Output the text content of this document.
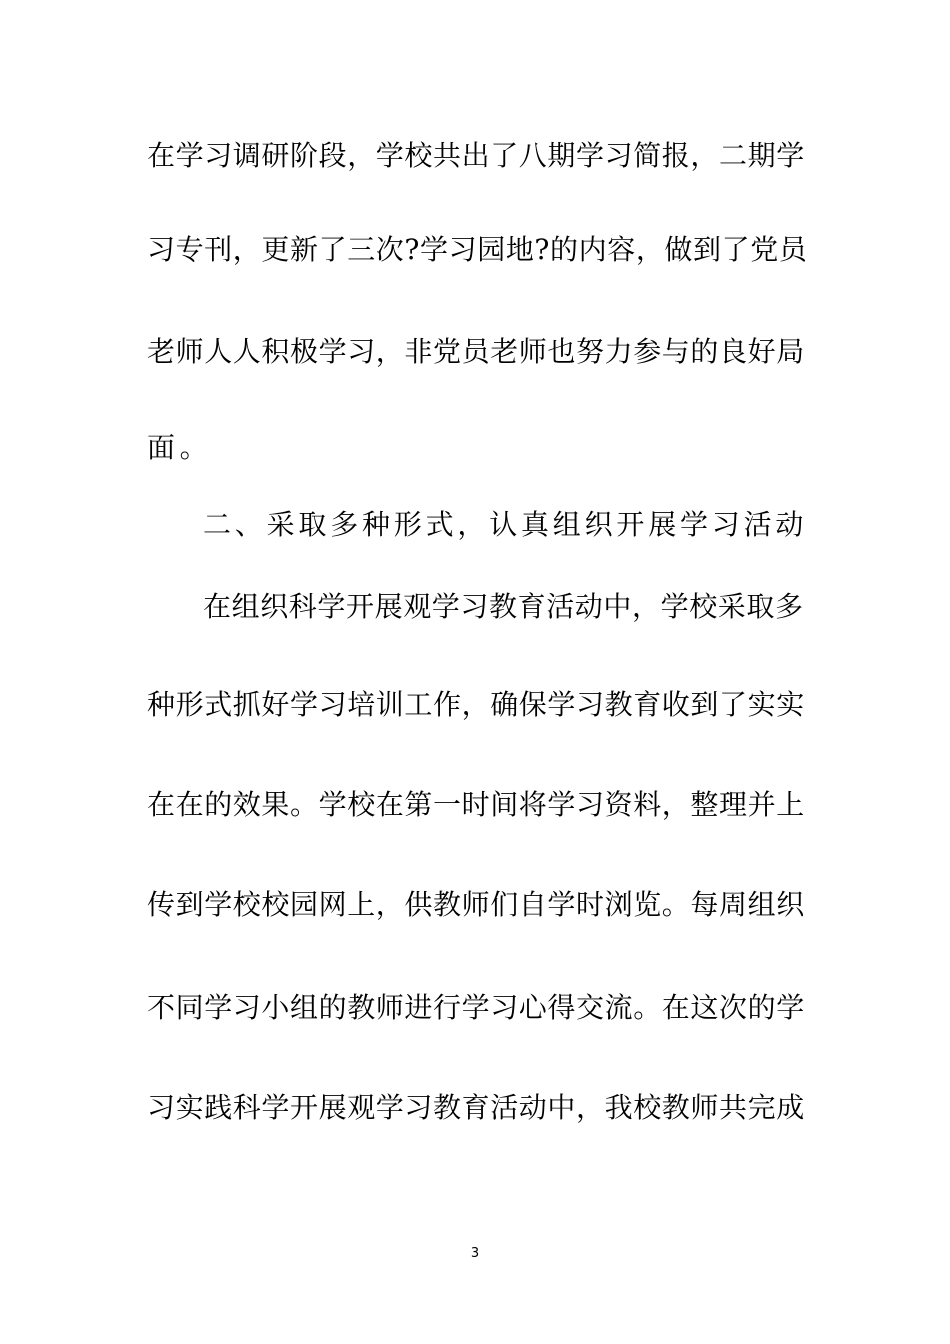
在学习调研阶段，学校共出了八期学习简报，二期学
习专刊，更新了三次?学习园地?的内容，做到了党员
老师人人积极学习，非党员老师也努力参与的良好局
面。
二、采取多种形式，认真组织开展学习活动
在组织科学开展观学习教育活动中，学校采取多
种形式抓好学习培训工作，确保学习教育收到了实实
在在的效果。学校在第一时间将学习资料，整理并上
传到学校校园网上，供教师们自学时浏览。每周组织
不同学习小组的教师进行学习心得交流。在这次的学
习实践科学开展观学习教育活动中，我校教师共完成
3
